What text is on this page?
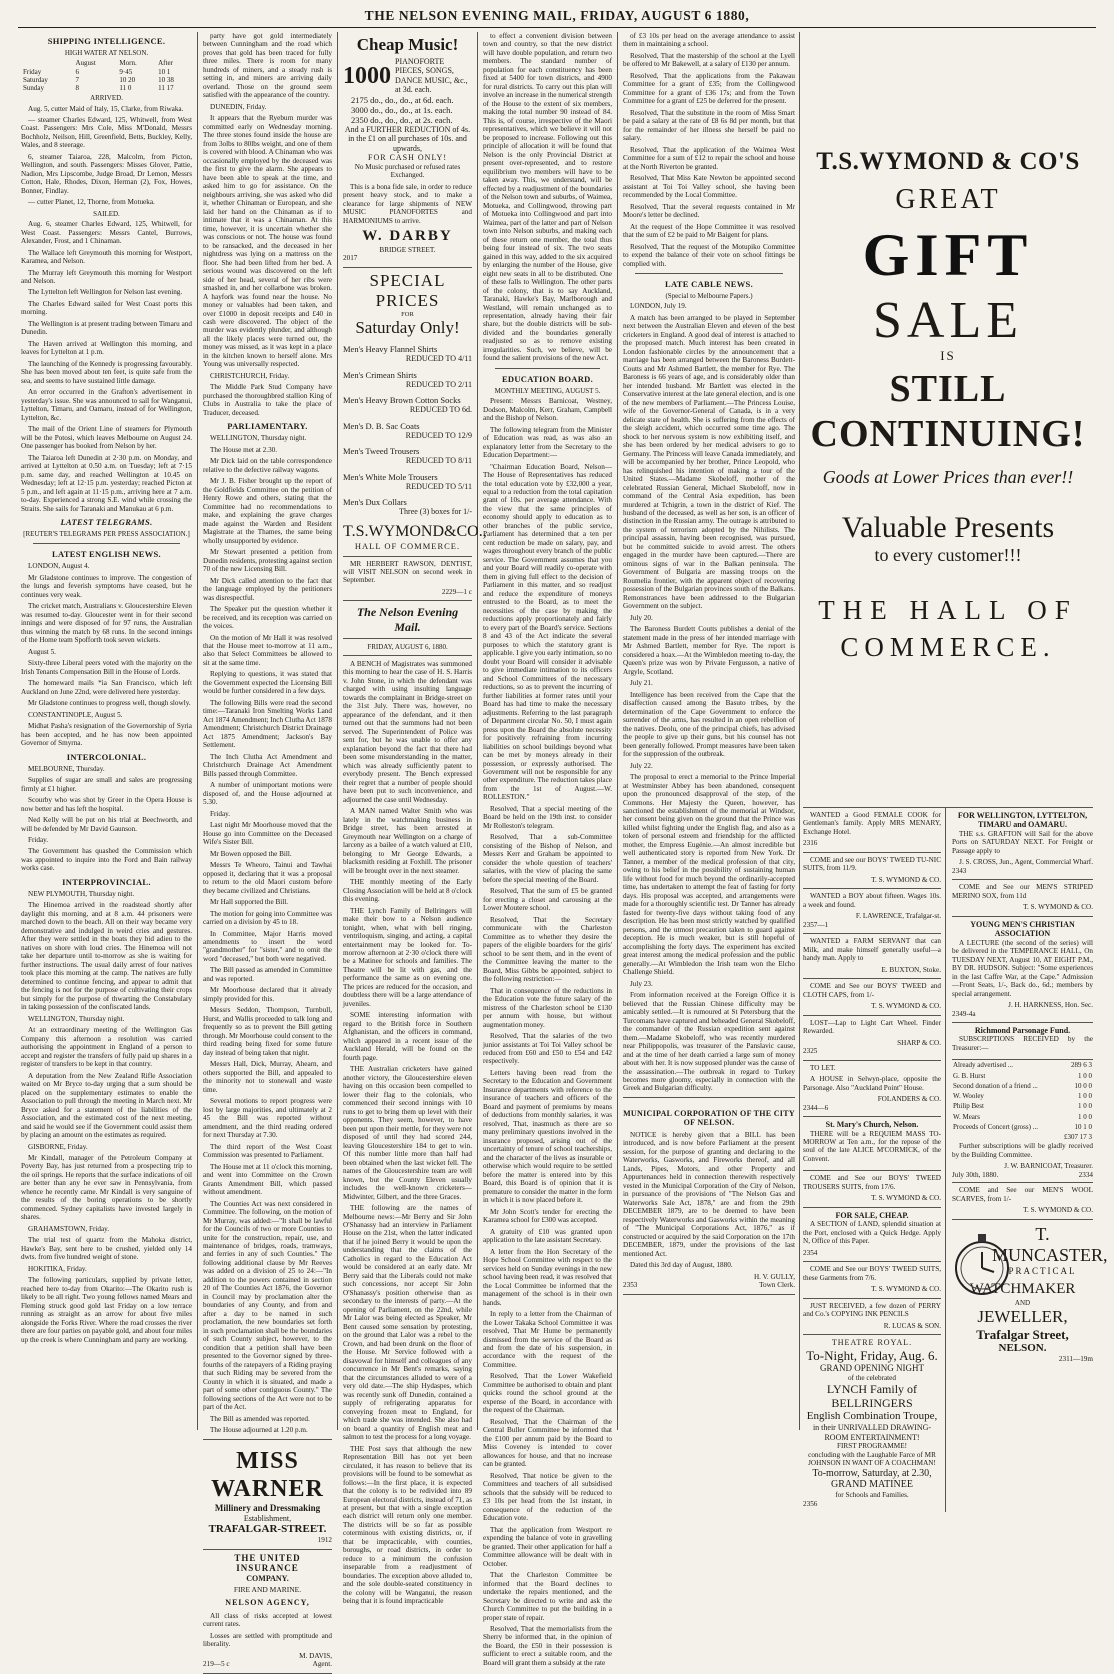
THE NELSON EVENING MAIL, FRIDAY, AUGUST 6 1880,
SHIPPING INTELLIGENCE.
HIGH WATER AT NELSON.
	August	Morn.	After
Friday	6	9·45	10 1
Saturday	7	10 20	10 38
Sunday	8	11 0	11 17
ARRIVED.

Aug. 5, cutter Maid of Italy, 15, Clarke, from Riwaka.

— steamer Charles Edward, 125, Whitwell, from West Coast. Passengers: Mrs Cole, Miss M'Donald, Messrs Bochholz, Neilson, Hill, Greenfield, Betts, Buckley, Kelly, Wales, and 8 steerage.

6, steamer Taiaroa, 228, Malcolm, from Picton, Wellington, and south. Passengers: Misses Glover, Pattie, Nadion, Mrs Lipscombe, Judge Broad, Dr Lemon, Messrs Cotton, Hale, Rhodes, Dixon, Herman (2), Fox, Howes, Bonner, Findlay.

— cutter Planet, 12, Thorne, from Motueka.

SAILED.

Aug. 6, steamer Charles Edward, 125, Whitwell, for West Coast. Passengers: Messrs Cantel, Burrows, Alexander, Frost, and 1 Chinaman.

The Wallace left Greymouth this morning for Westport, Karamea, and Nelson.

The Murray left Greymouth this morning for Westport and Nelson.

The Lyttelton left Wellington for Nelson last evening.

The Charles Edward sailed for West Coast ports this morning.

The Wellington is at present trading between Timaru and Dunedin.

The Haven arrived at Wellington this morning, and leaves for Lyttelton at 1 p.m.

The launching of the Kennedy is progressing favourably. She has been moved about ten feet, is quite safe from the sea, and seems to have sustained little damage.

An error occurred in the Grafton's advertisement in yesterday's issue. She was announced to sail for Wanganui, Lyttelton, Timaru, and Oamaru, instead of for Wellington, Lyttelton, &c.

The mail of the Orient Line of steamers for Plymouth will be the Potosi, which leaves Melbourne on August 24. One passenger has booked from Nelson by her.

The Taiaroa left Dunedin at 2·30 p.m. on Monday, and arrived at Lyttelton at 0.50 a.m. on Tuesday; left at 7·15 p.m. same day, and reached Wellington at 10.45 on Wednesday; left at 12·15 p.m. yesterday; reached Picton at 5 p.m., and left again at 11·15 p.m., arriving here at 7 a.m. to-day. Experienced a strong S.E. wind while crossing the Straits. She sails for Taranaki and Manukau at 6 p.m.

LATEST TELEGRAMS.
[REUTER'S TELEGRAMS PER PRESS ASSOCIATION.]
LATEST ENGLISH NEWS.

LONDON, August 4.

Mr Gladstone continues to improve. The congestion of the lungs and feverish symptoms have ceased, but he continues very weak.

The cricket match, Australians v. Gloucestershire Eleven was resumed to-day. Gloucester went in for their second innings and were disposed of for 97 runs, the Australian thus winning the match by 68 runs. In the second innings of the Home team Spofforth took seven wickets.

August 5.

Sixty-three Liberal peers voted with the majority on the Irish Tenants Compensation Bill in the House of Lords.

The homeward mails *ia San Francisco, which left Auckland on June 22nd, were delivered here yesterday.

Mr Gladstone continues to progress well, though slowly.

CONSTANTINOPLE, August 5.

Midhat Pasha's resignation of the Governorship of Syria has been accepted, and he has now been appointed Governor of Smyrna.

INTERCOLONIAL.

MELBOURNE, Thursday.

Supplies of sugar are small and sales are progressing firmly at £1 higher.

Scourby who was shot by Greer in the Opera House is now better and has left the hospital.

Ned Kelly will be put on his trial at Beechworth, and will be defended by Mr David Gaunson.

Friday.

The Government has quashed the Commission which was appointed to inquire into the Ford and Bain railway works case.

INTERPROVINCIAL.

NEW PLYMOUTH, Thursday night.

The Hinemoa arrived in the roadstead shortly after daylight this morning, and at 8 a.m. 44 prisoners were marched down to the beach. All on their way became very demonstrative and indulged in weird cries and gestures. After they were settled in the boats they bid adieu to the natives on shore with loud cries. The Hinemoa will not take her departure until to-morrow as she is waiting for further instructions. The usual daily arrest of four natives took place this morning at the camp. The natives are fully determined to continue fencing, and appear to admit that the fencing is not for the purpose of cultivating their crops but simply for the purpose of thwarting the Constabulary in taking possession of the confiscated lands.

WELLINGTON, Thursday night.

At an extraordinary meeting of the Wellington Gas Company this afternoon a resolution was carried authorising the appointment in England of a person to accept and register the transfers of fully paid up shares in a register of transfers to be kept in that country.

A deputation from the New Zealand Rifle Association waited on Mr Bryce to-day urging that a sum should be placed on the supplementary estimates to enable the Association to pull through the meeting in March next. Mr Bryce asked for a statement of the liabilities of the Association, and the estimated cost of the next meeting, and said he would see if the Government could assist them by placing an amount on the estimates as required.

GISBORNE, Friday.

Mr Kindall, manager of the Petroleum Company at Poverty Bay, has just returned from a prospecting trip to the oil springs. He reports that the surface indications of oil are better than any he ever saw in Pennsylvania, from whence he recently came. Mr Kindall is very sanguine of the results of the boring operations to be shortly commenced. Sydney capitalists have invested largely in shares.

GRAHAMSTOWN, Friday.

The trial test of quartz from the Mahoka district, Hawke's Bay, sent here to be crushed, yielded only 14 dwts. from five hundred weight of stone.

HOKITIKA, Friday.

The following particulars, supplied by private letter, reached here to-day from Okarito:—The Okarito rush is likely to be all right. Two young fellows named Mears and Fleming struck good gold last Friday on a low terrace running as straight as an arrow for about five miles alongside the Forks River. Where the road crosses the river there are four parties on payable gold, and about four miles up the creek is where Cunningham and party are working.

party have got gold intermediately between Cunningham and the road which proves that gold has been traced for fully three miles. There is room for many hundreds of miners, and a steady rush is setting in, and miners are arriving daily overland. Those on the ground seem satisfied with the appearance of the country.

DUNEDIN, Friday.

It appears that the Ryeburn murder was committed early on Wednesday morning. The three stones found inside the house are from 3olbs to 80lbs weight, and one of them is covered with blood. A Chinaman who was occasionally employed by the deceased was the first to give the alarm. She appears to have been able to speak at the time, and asked him to go for assistance. On the neighbours arriving, she was asked who did it, whether Chinaman or European, and she laid her hand on the Chinaman as if to intimate that it was a Chinaman. At this time, however, it is uncertain whether she was conscious or not. The house was found to be ransacked, and the deceased in her nightdress was lying on a mattress on the floor. She had been lifted from her bed. A serious wound was discovered on the left side of her head, several of her ribs were smashed in, and her collarbone was broken. A hayfork was found near the house. No money or valuables had been taken, and over £1000 in deposit receipts and £40 in cash were discovered. The object of the murder was evidently plunder, and although all the likely places were turned out, the money was missed, as it was kept in a place in the kitchen known to herself alone. Mrs Young was universally respected.

CHRISTCHURCH, Friday.

The Middle Park Stud Company have purchased the thoroughbred stallion King of Clubs in Australia to take the place of Traducer, deceased.

PARLIAMENTARY.

WELLINGTON, Thursday night.

The House met at 2.30.

Mr Dick laid on the table correspondence relative to the defective railway wagons.

Mr J. B. Fisher brought up the report of the Goldfields Committee on the petition of Henry Rowe and others, stating that the Committee had no recommendations to make, and explaining the grave charges made against the Warden and Resident Magistrate at the Thames, the same being wholly unsupported by evidence.

Mr Stewart presented a petition from Dunedin residents, protesting against section 70 of the new Licensing Bill.

Mr Dick called attention to the fact that the language employed by the petitioners was disrespectful.

The Speaker put the question whether it be received, and its reception was carried on the voices.

On the motion of Mr Hall it was resolved that the House meet to-morrow at 11 a.m., also that Select Committees be allowed to sit at the same time.

Replying to questions, it was stated that the Government expected the Licensing Bill would be further considered in a few days.

The following Bills were read the second time:—Taranaki Iron Smelting Works Land Act 1874 Amendment; Inch Clutha Act 1878 Amendment; Christchurch District Drainage Act 1875 Amendment; Jackson's Bay Settlement.

The Inch Clutha Act Amendment and Christchurch Drainage Act Amendment Bills passed through Committee.

A number of unimportant motions were disposed of, and the House adjourned at 5.30.

Friday.

Last night Mr Moorhouse moved that the House go into Committee on the Deceased Wife's Sister Bill.

Mr Bowen opposed the Bill.

Messrs Te Wheoro, Tainui and Tawhai opposed it, declaring that it was a proposal to return to the old Maori custom before they became civilized and Christians.

Mr Hall supported the Bill.

The motion for going into Committee was carried on a division by 45 to 18.

In Committee, Major Harris moved amendments to insert the word "grandmother" for "sister," and to omit the word "deceased," but both were negatived.

The Bill passed as amended in Committee and was reported.

Mr Moorhouse declared that it already simply provided for this.

Messrs Seddon, Thompson, Turnbull, Hurst, and Wallis proceeded to talk long and frequently so as to prevent the Bill getting through. Mr Moorhouse could consent to the third reading being fixed for some future day instead of being taken that night.

Messrs Hall, Dick, Murray, Ahearn, and others supported the Bill, and appealed to the minority not to stonewall and waste time.

Several motions to report progress were lost by large majorities, and ultimately at 2 45 the Bill was reported without amendment, and the third reading ordered for next Thursday at 7.30.

The third report of the West Coast Commission was presented to Parliament.

The House met at 11 o'clock this morning, and went into Committee on the Crown Grants Amendment Bill, which passed without amendment.

The Counties Act was next considered in Committee. The following, on the motion of Mr Murray, was added:—"It shall be lawful for the Councils of two or more Counties to unite for the construction, repair, use, and maintenance of bridges, roads, tramways, and ferries in any of such Counties." The following additional clause by Mr Reeves was added on a division of 25 to 24:—"In addition to the powers contained in section 20 of The Counties Act 1876, the Governor in Council may by proclamation alter the boundaries of any County, and from and after a day to be named in such proclamation, the new boundaries set forth in such proclamation shall be the boundaries of such County subject, however, to the condition that a petition shall have been presented to the Governor signed by three-fourths of the ratepayers of a Riding praying that such Riding may be severed from the County in which it is situated, and made a part of some other contiguous County." The following sections of the Act were not to be part of the Act.

The Bill as amended was reported.

The House adjourned at 1.20 p.m.

MISS WARNER
Millinery and Dressmaking
Establishment,
TRAFALGAR-STREET.
1912
THE UNITED INSURANCE
COMPANY.
FIRE AND MARINE.
NELSON AGENCY,

All class of risks accepted at lowest current rates.

Losses are settled with promptitude and liberality.

M. DAVIS,
219—5 c	Agent.
Cheap Music!
1000
PIANOFORTE PIECES, SONGS, DANCE MUSIC, &c., at 3d. each.
2175 do., do., do., at 6d. each.
3000 do., do., do., at 1s. each.
2350 do., do., do., at 2s. each.
And a FURTHER REDUCTION of 4s. in the £1 on all purchases of 10s. and upwards,
FOR CASH ONLY!
No Music purchased or refused rates Exchanged.

This is a bona fide sale, in order to reduce present heavy stock, and to make a clearance for large shipments of NEW MUSIC PIANOFORTES and HARMONIUMS to arrive.

W. DARBY
BRIDGE STREET.
2017
SPECIAL PRICES
FOR
Saturday Only!
Men's Heavy Flannel Shirts
REDUCED TO 4/11
Men's Crimean Shirts
REDUCED TO 2/11
Men's Heavy Brown Cotton Socks
REDUCED TO 6d.
Men's D. B. Sac Coats
REDUCED TO 12/9
Men's Tweed Trousers
REDUCED TO 8/11
Men's White Mole Trousers
REDUCED TO 5/11
Men's Dux Collars
Three (3) boxes for 1/-
T.S.WYMOND&CO.,
HALL OF COMMERCE.

MR HERBERT RAWSON, DENTIST, will VISIT NELSON on second week in September.

2229—1 c
The Nelson Evening Mail.
FRIDAY, AUGUST 6, 1880.

A BENCH of Magistrates was summoned this morning to hear the case of H. S. Harris v. John Stone, in which the defendant was charged with using insulting language towards the complainant in Bridge-street on the 31st July. There was, however, no appearance of the defendant, and it then turned out that the summons had not been served. The Superintendent of Police was sent for, but he was unable to offer any explanation beyond the fact that there had been some misunderstanding in the matter, which was already sufficiently patent to everybody present. The Bench expressed their regret that a number of people should have been put to such inconvenience, and adjourned the case until Wednesday.

A MAN named Walter Smith who was lately in the watchmaking business in Bridge street, has been arrested at Greymouth near Wellington on a charge of larceny as a bailee of a watch valued at £10, belonging to Mr George Edwards, a blacksmith residing at Foxhill. The prisoner will be brought over in the next steamer.

THE monthly meeting of the Early Closing Association will be held at 8 o'clock this evening.

THE Lynch Family of Bellringers will make their bow to a Nelson audience tonight, when, what with bell ringing, ventriloquism, singing, and acting, a capital entertainment may be looked for. To-morrow afternoon at 2·30 o'clock there will be a Matinee for schools and families. The Theatre will be lit with gas, and the performance the same as on evening one. The prices are reduced for the occasion, and doubtless there will be a large attendance of juveniles.

SOME interesting information with regard to the British force in Southern Afghanistan, and the officers in command, which appeared in a recent issue of the Auckland Herald, will be found on the fourth page.

THE Australian cricketers have gained another victory, the Gloucestershire eleven having on this occasion been compelled to lower their flag to the colonials, who commenced their second innings with 10 runs to get to bring them up level with their opponents. They seem, however, to have been put upon their mettle, for they were not disposed of until they had scored 244, leaving Gloucestershire 184 to get to win. Of this number little more than half had been obtained when the last wicket fell. The names of the Gloucestershire team are well known, but the County Eleven usually includes the well-known cricketers—Midwinter, Gilbert, and the three Graces.

THE following are the names of Melbourne news:—Mr Berry and Sir John O'Shanassy had an interview in Parliament House on the 21st, when the latter indicated that if he joined Berry it would be upon the understanding that the claims of the Catholics in regard to the Education Act would be considered at an early date. Mr Berry said that the Liberals could not make such concessions, nor accept Sir John O'Shanassy's position otherwise than as secondary to the interests of party.—At the opening of Parliament, on the 22nd, while Mr Lalor was being elected as Speaker, Mr Bent caused some sensation by protesting, on the ground that Lalor was a rebel to the Crown, and had been drunk on the floor of the House. Mr Service followed with a disavowal for himself and colleagues of any concurrence in Mr Bent's remarks, saying that the circumstances alluded to were of a very old date.—The ship Hydaspes, which was recently sunk off Dunedin, contained a supply of refrigerating apparatus for conveying frozen meat to England, for which trade she was intended. She also had on board a quantity of English meat and salmon to test the process for a long voyage.

THE Post says that although the new Representation Bill has not yet been circulated, it has reason to believe that its provisions will be found to be somewhat as follows:—In the first place, it is expected that the colony is to be redivided into 89 European electoral districts, instead of 71, as at present, but that with a single exception each district will return only one member. The districts will be so far as possible coterminous with existing districts, or, if that be impracticable, with counties, boroughs, or road districts, in order to reduce to a minimum the confusion inseparable from a readjustment of boundaries. The exception above alluded to, and the sole double-seated constituency in the colony will be Wanganui, the reason being that it is found impracticable

to effect a convenient division between town and country, so that the new district will have double population, and return two members. The standard number of population for each constituency has been fixed at 5400 for town districts, and 4900 for rural districts. To carry out this plan will involve an increase in the numerical strength of the House to the extent of six members, making the total number 90 instead of 84. This is, of course, irrespective of the Maori representatives, which we believe it will not be proposed to increase. Following out this principle of allocation it will be found that Nelson is the only Provincial District at present over-represented, and to restore equilibrium two members will have to be taken away. This, we understand, will be effected by a readjustment of the boundaries of the Nelson town and suburbs, of Waimea, Motueka, and Collingwood, throwing part of Motueka into Collingwood and part into Waimea, part of the latter and part of Nelson town into Nelson suburbs, and making each of these return one member, the total thus being four instead of six. The two seats gained in this way, added to the six acquired by enlarging the number of the House, give eight new seats in all to be distributed. One of these falls to Wellington. The other parts of the colony, that is to say Auckland, Taranaki, Hawke's Bay, Marlborough and Westland, will remain unchanged as to representation, already having their fair share, but the double districts will be sub-divided and the boundaries generally readjusted so as to remove existing irregularities. Such, we believe, will be found the salient provisions of the new Act.

EDUCATION BOARD.
MONTHLY MEETING, AUGUST 5.

Present: Messrs Barnicoat, Westney, Dodson, Malcolm, Kerr, Graham, Campbell and the Bishop of Nelson.

The following telegram from the Minister of Education was read, as was also an explanatory letter from the Secretary to the Education Department:—

"Chairman Education Board, Nelson—The House of Representatives has reduced the total education vote by £32,000 a year, equal to a reduction from the total capitation grant of 10s. per average attendance. With the view that the same principles of economy should apply to education as to other branches of the public service, Parliament has determined that a ten per cent reduction be made on salary, pay, and wages throughout every branch of the public service. The Government assumes that you and your Board will readily co-operate with them in giving full effect to the decision of Parliament in this matter, and so readjust and reduce the expenditure of moneys entrusted to the Board, as to meet the necessities of the case by making the reductions apply proportionately and fairly to every part of the Board's service. Sections 8 and 43 of the Act indicate the several purposes to which the statutory grant is applicable. I give you early intimation, so no doubt your Board will consider it advisable to give immediate intimation to its officers and School Committees of the necessary reductions, so as to prevent the incurring of further liabilities at former rates until your Board has had time to make the necessary adjustments. Referring to the last paragraph of Department circular No. 50, I must again press upon the Board the absolute necessity for positively refraining from incurring liabilities on school buildings beyond what can be met by moneys already in their possession, or expressly authorised. The Government will not be responsible for any other expenditure. The reduction takes place from the 1st of August.—W. ROLLESTON."

Resolved, That a special meeting of the Board be held on the 19th inst. to consider Mr Rolleston's telegram.

Resolved, That a sub-Committee consisting of the Bishop of Nelson, and Messrs Kerr and Graham be appointed to consider the whole question of teachers' salaries, with the view of placing the same before the special meeting of the Board.

Resolved, That the sum of £5 be granted for erecting a closet and carousing at the Lower Moutere school.

Resolved, That the Secretary communicate with the Charleston Committee as to whether they desire the papers of the eligible boarders for the girls' school to be sent them, and in the event of the Committee leaving the matter to the Board, Miss Gibbs be appointed, subject to the following restriction:—

That in consequence of the reductions in the Education vote the future salary of the mistress of the Charleston school be £130 per annum with house, but without augmentation money.

Resolved, That the salaries of the two junior assistants at Toi Toi Valley school be reduced from £60 and £50 to £54 and £42 respectively.

Letters having been read from the Secretary to the Education and Government Insurance departments with reference to the insurance of teachers and officers of the Board and payment of premiums by means of deductions from monthly salaries, it was resolved, That, inasmuch as there are so many preliminary questions involved in the insurance proposed, arising out of the uncertainty of tenure of school teacherships, and the character of the lives as insurable or otherwise which would require to be settled before the matter is entered into by this Board, this Board is of opinion that it is premature to consider the matter in the form in which it is now placed before it.

Mr John Scott's tender for erecting the Karamea school for £300 was accepted.

A gratuity of £10 was granted upon application to the late assistant Secretary.

A letter from the Hon Secretary of the Hope School Committee with respect to the services held on Sunday evenings in the new school having been read, it was resolved that the Local Committee be informed that the management of the school is in their own hands.

In reply to a letter from the Chairman of the Lower Takaka School Committee it was resolved, That Mr Hume be permanently dismissed from the service of the Board as and from the date of his suspension, in accordance with the request of the Committee.

Resolved, That the Lower Wakefield Committee be authorised to obtain and plant quicks round the school ground at the expense of the Board, in accordance with the request of the Chairman.

Resolved, That the Chairman of the Central Buller Committee be informed that the £100 per annum paid by the Board to Miss Coveney is intended to cover allowances for house, and that no increase can be granted.

Resolved, That notice be given to the Committees and teachers of all subsidised schools that the subsidy will be reduced to £3 10s per head from the 1st instant, in consequence of the reduction of the Education vote.

That the application from Westport re expending the balance of vote in gravelling be granted. Their other application for half a Committee allowance will be dealt with in October.

That the Charleston Committee be informed that the Board declines to undertake the repairs mentioned, and the Secretary be directed to write and ask the Church Committee to put the building in a proper state of repair.

Resolved, That the memorialists from the Sherry be informed that, in the opinion of the Board, the £50 in their possession is sufficient to erect a suitable room, and the Board will grant them a subsidy at the rate

of £3 10s per head on the average attendance to assist them in maintaining a school.

Resolved, That the mastership of the school at the Lyell be offered to Mr Bakewell, at a salary of £130 per annum.

Resolved, That the applications from the Pakawau Committee for a grant of £35; from the Collingwood Committee for a grant of £36 17s; and from the Town Committee for a grant of £25 be deferred for the present.

Resolved, That the substitute in the room of Miss Smart be paid a salary at the rate of £8 6s 8d per month, but that for the remainder of her illness she herself be paid no salary.

Resolved, That the application of the Waimea West Committee for a sum of £12 to repair the school and house at the North Riverton be granted.

Resolved, That Miss Kate Newton be appointed second assistant at Toi Toi Valley school, she having been recommended by the Local Committee.

Resolved, That the several requests contained in Mr Moore's letter be declined.

At the request of the Hope Committee it was resolved that the sum of £2 be paid to Mr Baigent for plans.

Resolved, That the request of the Motupiko Committee to expend the balance of their vote on school fittings be complied with.

LATE CABLE NEWS.
(Special to Melbourne Papers.)

LONDON, July 19.

A match has been arranged to be played in September next between the Australian Eleven and eleven of the best cricketers in England. A good deal of interest is attached to the proposed match. Much interest has been created in London fashionable circles by the announcement that a marriage has been arranged between the Baroness Burdett-Coutts and Mr Ashmed Bartlett, the member for Rye. The Baroness is 66 years of age, and is considerably older than her intended husband. Mr Bartlett was elected in the Conservative interest at the late general election, and is one of the new members of Parliament.—The Princess Louise, wife of the Governor-General of Canada, is in a very delicate state of health. She is suffering from the effects of the sleigh accident, which occurred some time ago. The shock to her nervous system is now exhibiting itself, and she has been ordered by her medical advisers to go to Germany. The Princess will leave Canada immediately, and will be accompanied by her brother, Prince Leopold, who has relinquished his intention of making a tour of the United States.—Madame Skobeloff, mother of the celebrated Russian General, Michael Skobeloff, now in command of the Central Asia expedition, has been murdered at Tchigrin, a town in the district of Kief. The husband of the deceased, as well as her son, is an officer of distinction in the Russian army. The outrage is attributed to the system of terrorism adopted by the Nihilists. The principal assassin, having been recognised, was pursued, but he committed suicide to avoid arrest. The others engaged in the murder have been captured.—There are ominous signs of war in the Balkan peninsula. The Government of Bulgaria are massing troops on the Roumelia frontier, with the apparent object of recovering possession of the Bulgarian provinces south of the Balkans. Remonstrances have been addressed to the Bulgarian Government on the subject.

July 20.

The Baroness Burdett Coutts publishes a denial of the statement made in the press of her intended marriage with Mr Ashmed Bartlett, member for Rye. The report is considered a hoax.—At the Wimbledon meeting to-day, the Queen's prize was won by Private Fergusson, a native of Argyle, Scotland.

July 21.

Intelligence has been received from the Cape that the disaffection caused among the Basuto tribes, by the determination of the Cape Government to enforce the surrender of the arms, has resulted in an open rebellion of the natives. Deolu, one of the principal chiefs, has advised the people to give up their guns, but his counsel has not been generally followed. Prompt measures have been taken for the suppression of the outbreak.

July 22.

The proposal to erect a memorial to the Prince Imperial at Westminster Abbey has been abandoned, consequent upon the pronounced disapproval of the step, of the Commons. Her Majesty the Queen, however, has sanctioned the establishment of the memorial at Windsor, her consent being given on the ground that the Prince was killed whilst fighting under the English flag, and also as a token of personal esteem and friendship for the afflicted mother, the Empress Eugénie.—An almost incredible but well authenticated story is reported from New York. Dr Tanner, a member of the medical profession of that city, owing to his belief in the possibility of sustaining human life without food for much beyond the ordinarily-accepted time, has undertaken to attempt the feat of fasting for forty days. His proposal was accepted, and arrangements were made for a thoroughly scientific test. Dr Tanner has already fasted for twenty-five days without taking food of any description. He has been most strictly watched by qualified persons, and the utmost precaution taken to guard against deception. He is much weaker, but is still hopeful of accomplishing the forty days. The experiment has excited great interest among the medical profession and the public generally.—At Wimbledon the Irish team won the Elcho Challenge Shield.

July 23.

From information received at the Foreign Office it is believed that the Russian Chinese difficulty may be amicably settled.—It is rumoured at St Petersburg that the Turcomans have captured and beheaded General Skobeloff, the commander of the Russian expedition sent against them.—Madame Skobeloff, who was recently murdered near Philippopolis, was treasurer of the Panslavic cause, and at the time of her death carried a large sum of money about with her. It is now supposed plunder was the cause of the assassination.—The outbreak in regard to Turkey becomes more gloomy, especially in connection with the Greek and Bulgarian difficulty.

MUNICIPAL CORPORATION OF THE CITY OF NELSON.

NOTICE is hereby given that a BILL has been introduced, and is now before Parliament at the present session, for the purpose of granting and declaring to the Waterworks, Gasworks, and Fireworks thereof, and all Lands, Pipes, Motors, and other Property and Appurtenances held in connection therewith respectively vested in the Municipal Corporation of the City of Nelson, in pursuance of the provisions of "The Nelson Gas and Waterworks Sale Act, 1878," are and from the 29th DECEMBER 1879, are to be deemed to have been respectively Waterworks and Gasworks within the meaning of "The Municipal Corporations Act, 1876," as if constructed or acquired by the said Corporation on the 17th DECEMBER, 1879, under the provisions of the last mentioned Act.

Dated this 3rd day of August, 1880.

H. V. GULLY,
2353	Town Clerk.
T.S.WYMOND & CO'S
GREAT
GIFT
SALE
IS
STILL CONTINUING!
Goods at Lower Prices than ever!!
Valuable Presents
to every customer!!!
THE HALL OF
COMMERCE.

WANTED a Good FEMALE COOK for Gentleman's family. Apply MRS MENARY, Exchange Hotel.

2316

COME and see our BOYS' TWEED TU-NIC SUITS, from 11/9.

T. S. WYMOND & CO.

WANTED a BOY about fifteen. Wages 10s. a week and found.

F. LAWRENCE, Trafalgar-st.
2357—1

WANTED a FARM SERVANT that can Milk, and make himself generally useful—a handy man. Apply to

E. BUXTON, Stoke.

COME and See our BOYS' TWEED and CLOTH CAPS, from 1/-

T. S. WYMOND & CO.

LOST—Lap to Light Cart Wheel. Finder Rewarded.

SHARP & CO.
2325

TO LET.

A HOUSE in Selwyn-place, opposite the Parsonage. Also "Auckland Point" House.

FOLANDERS & CO.
2344—6
St. Mary's Church, Nelson.

THERE will be a REQUIEM MASS TO-MORROW at Ten a.m., for the repose of the soul of the late ALICE M'CORMICK, of the Convent.

COME and See our BOYS' TWEED TROUSERS SUITS, from 17/6.

T. S. WYMOND & CO.
FOR SALE, CHEAP.

A SECTION of LAND, splendid situation at the Port, enclosed with a Quick Hedge. Apply N, Office of this Paper.

2354

COME and See our BOYS' TWEED SUITS, these Garments from 7/6.

T. S. WYMOND & CO.

JUST RECEIVED, a few dozen of PERRY and Co.'s COPYING INK PENCILS

R. LUCAS & SON.
THEATRE ROYAL.
To-Night, Friday, Aug. 6.
GRAND OPENING NIGHT
of the celebrated
LYNCH Family of BELLRINGERS
English Combination Troupe,
in their UNRIVALLED DRAWING-ROOM ENTERTAINMENT!
FIRST PROGRAMME!
concluding with the Laughable Farce of MR JOHNSON IN WANT OF A COACHMAN!
To-morrow, Saturday, at 2.30,
GRAND MATINEE
for Schools and Families.
2356
FOR WELLINGTON, LYTTELTON, TIMARU and OAMARU.

THE s.s. GRAFTON will Sail for the above Ports on SATURDAY NEXT. For Freight or Passage apply to

J. S. CROSS, Jun., Agent, Commercial Wharf.
2343

COME and See our MEN'S STRIPED MERINO SOX, from 11d

T. S. WYMOND & CO.
YOUNG MEN'S CHRISTIAN ASSOCIATION

A LECTURE (the second of the series) will be delivered in the TEMPERANCE HALL, On TUESDAY NEXT, August 10, AT EIGHT P.M., BY DR. HUDSON. Subject: "Some experiences in the last Caffre War, at the Cape." Admission—Front Seats, 1/-, Back do., 6d.; members by special arrangement.

J. H. HARKNESS, Hon. Sec.
2349-4a
Richmond Parsonage Fund.

SUBSCRIPTIONS RECEIVED by the Treasurer:—

Already advertised ...	289 6 3
G. B. Hurst	1 0 0
Second donation of a friend ...	10 0 0
W. Wooley	1 0 0
Philip Best	1 0 0
W. Mears	1 0 0
Proceeds of Concert (gross) ...	10 1 0
	£307 17 3

Further subscriptions will be gladly received by the Building Committee.

J. W. BARNICOAT, Treasurer.
July 30th, 1880.	2334

COME and See our MEN'S WOOL SCARVES, from 1/-

T. S. WYMOND & CO.
T. MUNCASTER,
PRACTICAL
WATCHMAKER
AND
JEWELLER,
Trafalgar Street,
NELSON.
2311—19m
